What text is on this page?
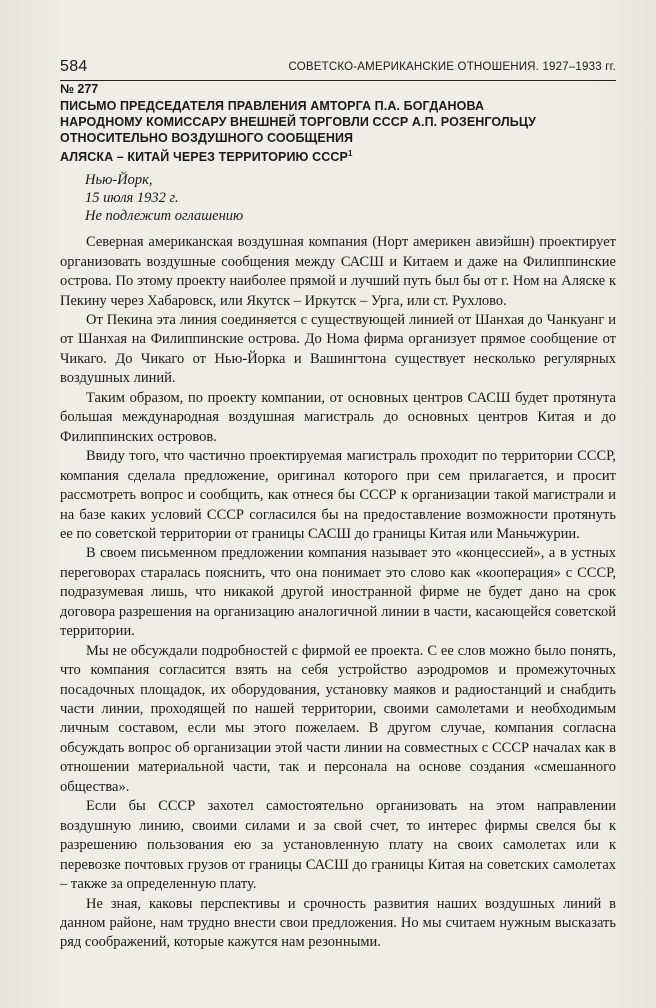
584	СОВЕТСКО-АМЕРИКАНСКИЕ ОТНОШЕНИЯ. 1927–1933 гг.
№ 277
ПИСЬМО ПРЕДСЕДАТЕЛЯ ПРАВЛЕНИЯ АМТОРГА П.А. БОГДАНОВА
НАРОДНОМУ КОМИССАРУ ВНЕШНЕЙ ТОРГОВЛИ СССР А.П. РОЗЕНГОЛЬЦУ
ОТНОСИТЕЛЬНО ВОЗДУШНОГО СООБЩЕНИЯ
АЛЯСКА – КИТАЙ ЧЕРЕЗ ТЕРРИТОРИЮ СССР$^1$
Нью-Йорк,
15 июля 1932 г.
Не подлежит оглашению

Северная американская воздушная компания (Норт америкен авиэйшн) проектирует организовать воздушные сообщения между САСШ и Китаем и даже на Филиппинские острова. По этому проекту наиболее прямой и лучший путь был бы от г. Ном на Аляске к Пекину через Хабаровск, или Якутск – Иркутск – Урга, или ст. Рухлово.

От Пекина эта линия соединяется с существующей линией от Шанхая до Чанкуанг и от Шанхая на Филиппинские острова. До Нома фирма организует прямое сообщение от Чикаго. До Чикаго от Нью-Йорка и Вашингтона существует несколько регулярных воздушных линий.

Таким образом, по проекту компании, от основных центров САСШ будет протянута большая международная воздушная магистраль до основных центров Китая и до Филиппинских островов.

Ввиду того, что частично проектируемая магистраль проходит по территории СССР, компания сделала предложение, оригинал которого при сем прилагается, и просит рассмотреть вопрос и сообщить, как отнеся бы СССР к организации такой магистрали и на базе каких условий СССР согласился бы на предоставление возможности протянуть ее по советской территории от границы САСШ до границы Китая или Маньчжурии.

В своем письменном предложении компания называет это «концессией», а в устных переговорах старалась пояснить, что она понимает это слово как «кооперация» с СССР, подразумевая лишь, что никакой другой иностранной фирме не будет дано на срок договора разрешения на организацию аналогичной линии в части, касающейся советской территории.

Мы не обсуждали подробностей с фирмой ее проекта. С ее слов можно было понять, что компания согласится взять на себя устройство аэродромов и промежуточных посадочных площадок, их оборудования, установку маяков и радиостанций и снабдить части линии, проходящей по нашей территории, своими самолетами и необходимым личным составом, если мы этого пожелаем. В другом случае, компания согласна обсуждать вопрос об организации этой части линии на совместных с СССР началах как в отношении материальной части, так и персонала на основе создания «смешанного общества».

Если бы СССР захотел самостоятельно организовать на этом направлении воздушную линию, своими силами и за свой счет, то интерес фирмы свелся бы к разрешению пользования ею за установленную плату на своих самолетах или к перевозке почтовых грузов от границы САСШ до границы Китая на советских самолетах – также за определенную плату.

Не зная, каковы перспективы и срочность развития наших воздушных линий в данном районе, нам трудно внести свои предложения. Но мы считаем нужным высказать ряд соображений, которые кажутся нам резонными.
